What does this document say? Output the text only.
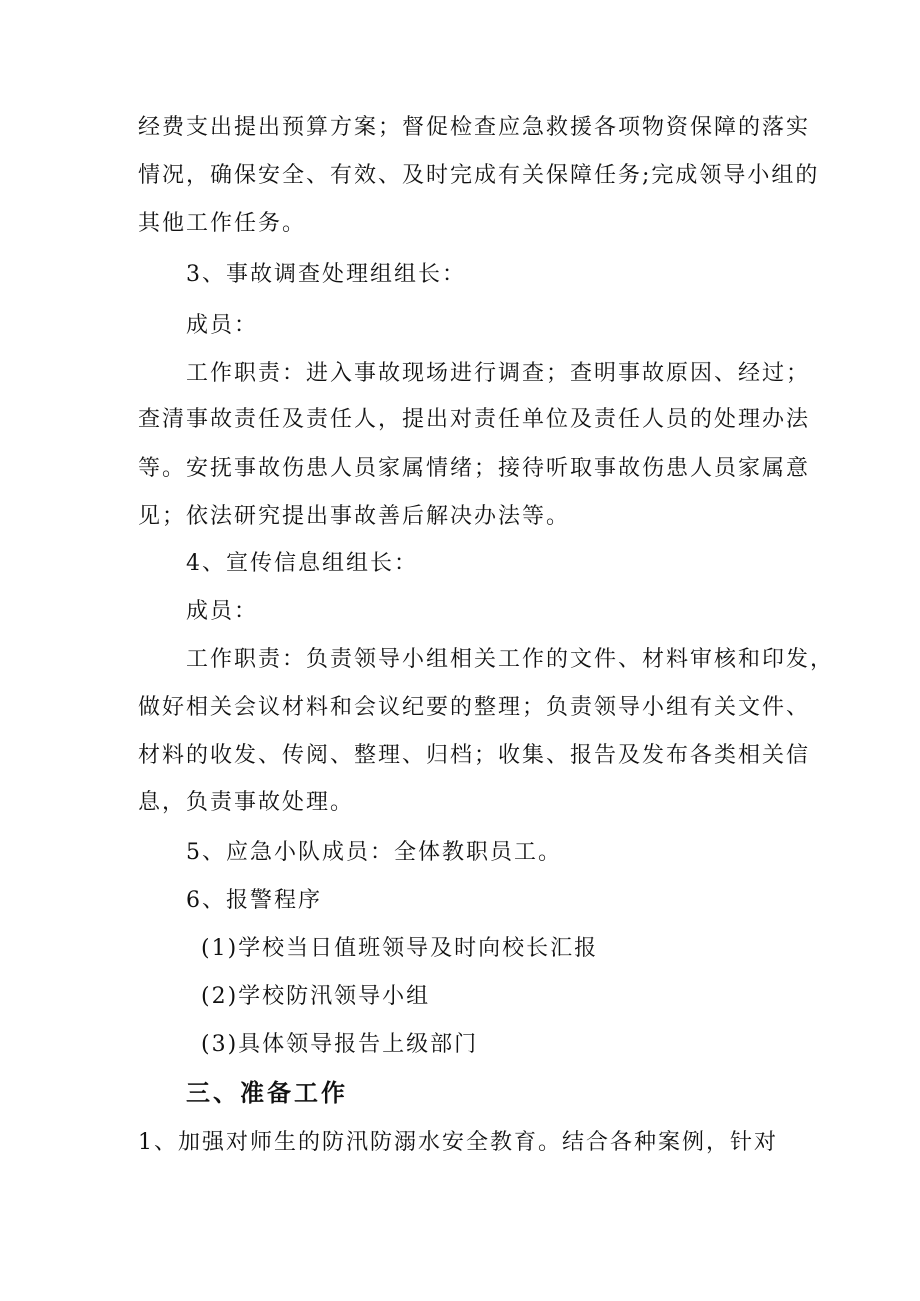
经费支出提出预算方案；督促检查应急救援各项物资保障的落实
情况，确保安全、有效、及时完成有关保障任务;完成领导小组的
其他工作任务。
3、事故调查处理组组长：
成员：
工作职责：进入事故现场进行调查；查明事故原因、经过；
查清事故责任及责任人，提出对责任单位及责任人员的处理办法
等。安抚事故伤患人员家属情绪；接待听取事故伤患人员家属意
见；依法研究提出事故善后解决办法等。
4、宣传信息组组长：
成员：
工作职责：负责领导小组相关工作的文件、材料审核和印发，
做好相关会议材料和会议纪要的整理；负责领导小组有关文件、
材料的收发、传阅、整理、归档；收集、报告及发布各类相关信
息，负责事故处理。
5、应急小队成员：全体教职员工。
6、报警程序
(1)学校当日值班领导及时向校长汇报
(2)学校防汛领导小组
(3)具体领导报告上级部门
三、准备工作
1、加强对师生的防汛防溺水安全教育。结合各种案例，针对
